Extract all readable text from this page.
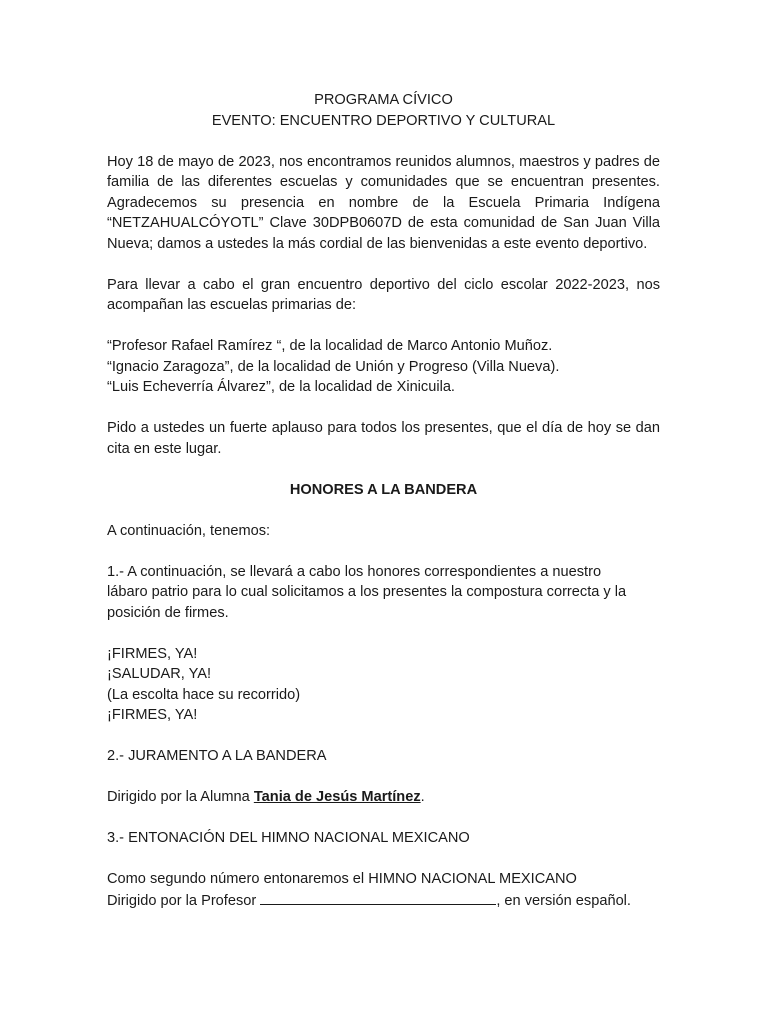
PROGRAMA CÍVICO
EVENTO: ENCUENTRO DEPORTIVO Y CULTURAL

Hoy 18 de mayo de 2023, nos encontramos reunidos alumnos, maestros y padres de familia de las diferentes escuelas y comunidades que se encuentran presentes. Agradecemos su presencia en nombre de la Escuela Primaria Indígena “NETZAHUALCÓYOTL” Clave 30DPB0607D de esta comunidad de San Juan Villa Nueva; damos a ustedes la más cordial de las bienvenidas a este evento deportivo.

Para llevar a cabo el gran encuentro deportivo del ciclo escolar 2022-2023, nos acompañan las escuelas primarias de:

“Profesor Rafael Ramírez “, de la localidad de Marco Antonio Muñoz.
“Ignacio Zaragoza”, de la localidad de Unión y Progreso (Villa Nueva).
“Luis Echeverría Álvarez”, de la localidad de Xinicuila.

Pido a ustedes un fuerte aplauso para todos los presentes, que el día de hoy se dan cita en este lugar.

HONORES A LA BANDERA

A continuación, tenemos:

1.- A continuación, se llevará a cabo los honores correspondientes a nuestro
lábaro patrio para lo cual solicitamos a los presentes la compostura correcta y la
posición de firmes.
¡FIRMES, YA!
¡SALUDAR, YA!
(La escolta hace su recorrido)
¡FIRMES, YA!

2.- JURAMENTO A LA BANDERA

Dirigido por la Alumna Tania de Jesús Martínez.

3.- ENTONACIÓN DEL HIMNO NACIONAL MEXICANO

Como segundo número entonaremos el HIMNO NACIONAL MEXICANO
Dirigido por la Profesor	, en versión español.
